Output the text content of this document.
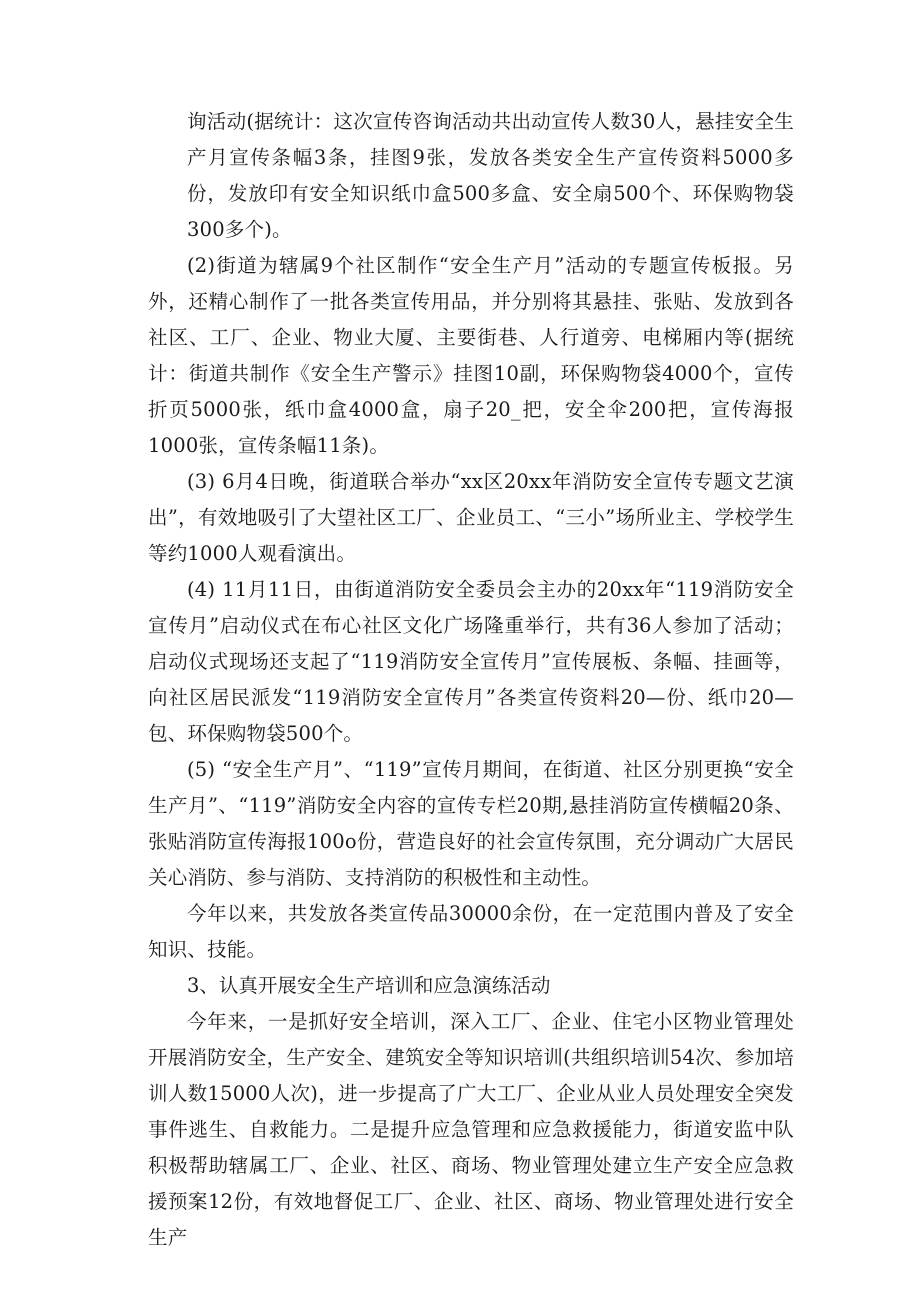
询活动(据统计：这次宣传咨询活动共出动宣传人数30人，悬挂安全生产月宣传条幅3条，挂图9张，发放各类安全生产宣传资料5000多份，发放印有安全知识纸巾盒500多盒、安全扇500个、环保购物袋300多个)。

(2)街道为辖属9个社区制作“安全生产月”活动的专题宣传板报。另外，还精心制作了一批各类宣传用品，并分别将其悬挂、张贴、发放到各社区、工厂、企业、物业大厦、主要街巷、人行道旁、电梯厢内等(据统计：街道共制作《安全生产警示》挂图10副，环保购物袋4000个，宣传折页5000张，纸巾盒4000盒，扇子20_把，安全伞200把，宣传海报1000张，宣传条幅11条)。

(3) 6月4日晚，街道联合举办“xx区20xx年消防安全宣传专题文艺演出”，有效地吸引了大望社区工厂、企业员工、“三小”场所业主、学校学生等约1000人观看演出。

(4) 11月11日，由街道消防安全委员会主办的20xx年“119消防安全宣传月”启动仪式在布心社区文化广场隆重举行，共有36人参加了活动；启动仪式现场还支起了“119消防安全宣传月”宣传展板、条幅、挂画等，向社区居民派发“119消防安全宣传月”各类宣传资料20—份、纸巾20—包、环保购物袋500个。

(5) “安全生产月”、“119”宣传月期间，在街道、社区分别更换“安全生产月”、“119”消防安全内容的宣传专栏20期,悬挂消防宣传横幅20条、张贴消防宣传海报100o份，营造良好的社会宣传氛围，充分调动广大居民关心消防、参与消防、支持消防的积极性和主动性。

今年以来，共发放各类宣传品30000余份，在一定范围内普及了安全知识、技能。

3、认真开展安全生产培训和应急演练活动

今年来，一是抓好安全培训，深入工厂、企业、住宅小区物业管理处开展消防安全，生产安全、建筑安全等知识培训(共组织培训54次、参加培训人数15000人次)，进一步提高了广大工厂、企业从业人员处理安全突发事件逃生、自救能力。二是提升应急管理和应急救援能力，街道安监中队积极帮助辖属工厂、企业、社区、商场、物业管理处建立生产安全应急救援预案12份，有效地督促工厂、企业、社区、商场、物业管理处进行安全生产
